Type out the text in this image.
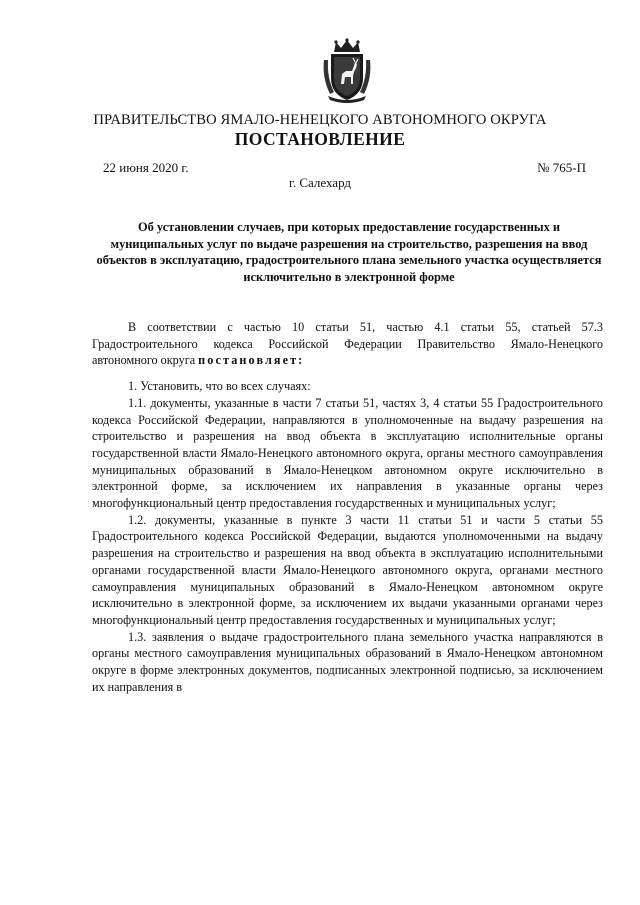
ПРАВИТЕЛЬСТВО ЯМАЛО-НЕНЕЦКОГО АВТОНОМНОГО ОКРУГА
ПОСТАНОВЛЕНИЕ
22 июня 2020 г.	№ 765-П
г. Салехард
Об установлении случаев, при которых предоставление государственных и муниципальных услуг по выдаче разрешения на строительство, разрешения на ввод объектов в эксплуатацию, градостроительного плана земельного участка осуществляется исключительно в электронной форме

В соответствии с частью 10 статьи 51, частью 4.1 статьи 55, статьей 57.3 Градостроительного кодекса Российской Федерации Правительство Ямало-Ненецкого автономного округа постановляет:

1. Установить, что во всех случаях:

1.1. документы, указанные в части 7 статьи 51, частях 3, 4 статьи 55 Градостроительного кодекса Российской Федерации, направляются в уполномоченные на выдачу разрешения на строительство и разрешения на ввод объекта в эксплуатацию исполнительные органы государственной власти Ямало-Ненецкого автономного округа, органы местного самоуправления муниципальных образований в Ямало-Ненецком автономном округе исключительно в электронной форме, за исключением их направления в указанные органы через многофункциональный центр предоставления государственных и муниципальных услуг;

1.2. документы, указанные в пункте 3 части 11 статьи 51 и части 5 статьи 55 Градостроительного кодекса Российской Федерации, выдаются уполномоченными на выдачу разрешения на строительство и разрешения на ввод объекта в эксплуатацию исполнительными органами государственной власти Ямало-Ненецкого автономного округа, органами местного самоуправления муниципальных образований в Ямало-Ненецком автономном округе исключительно в электронной форме, за исключением их выдачи указанными органами через многофункциональный центр предоставления государственных и муниципальных услуг;

1.3. заявления о выдаче градостроительного плана земельного участка направляются в органы местного самоуправления муниципальных образований в Ямало-Ненецком автономном округе в форме электронных документов, подписанных электронной подписью, за исключением их направления в
